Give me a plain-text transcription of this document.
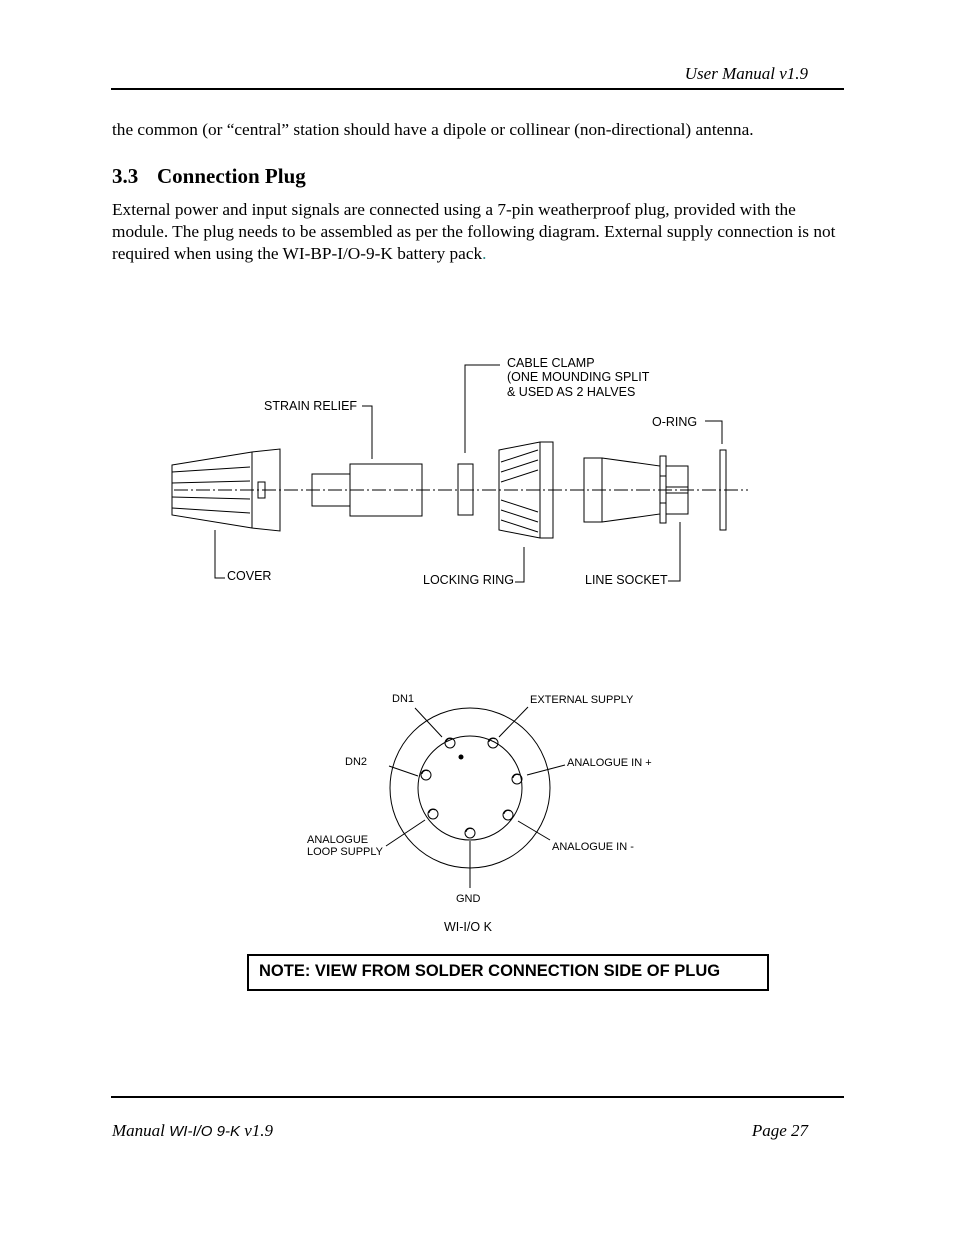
User Manual v1.9
the common (or “central” station should have a dipole or collinear (non-directional) antenna.
3.3 Connection Plug
External power and input signals are connected using a 7-pin weatherproof plug, provided with the module. The plug needs to be assembled as per the following diagram. External supply connection is not required when using the WI-BP-I/O-9-K battery pack.
CABLE CLAMP
(ONE MOUNDING SPLIT
& USED AS 2 HALVES
STRAIN RELIEF
O-RING
COVER	LOCKING RING	LINE SOCKET
DN1	EXTERNAL SUPPLY
DN2	ANALOGUE IN +
ANALOGUE
LOOP SUPPLY	ANALOGUE IN -
GND
WI-I/O K
NOTE: VIEW FROM SOLDER CONNECTION SIDE OF PLUG
Manual WI-I/O 9-K v1.9	Page 27
